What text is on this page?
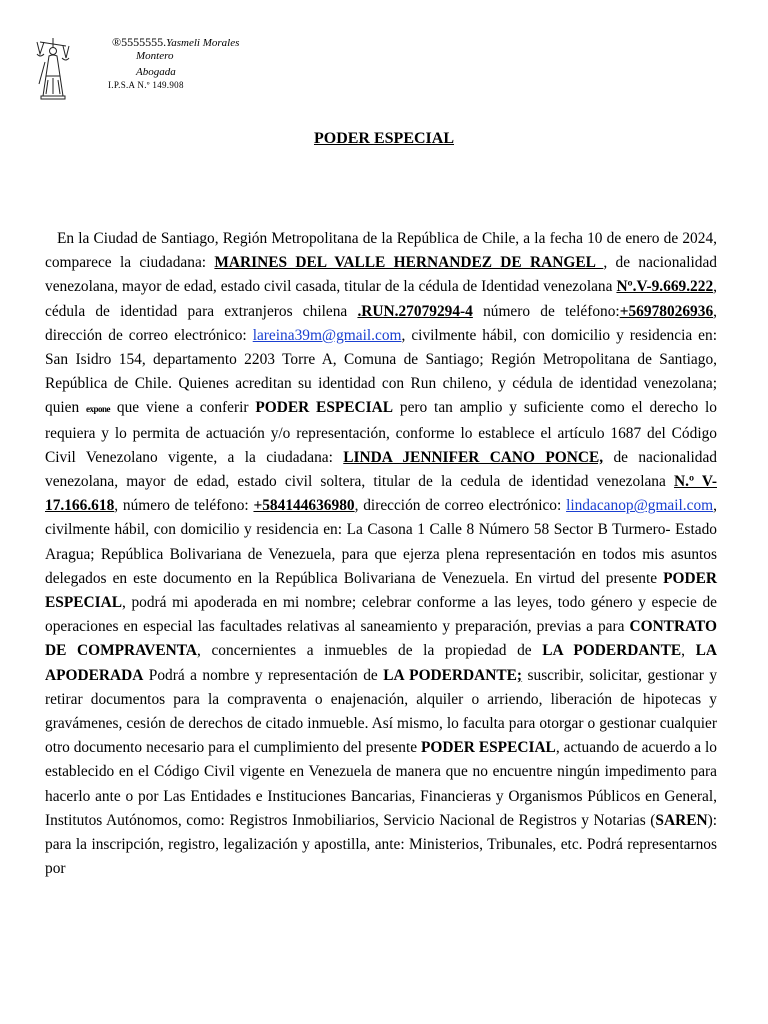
®5555555.Yasmeli Morales
Montero
Abogada
I.P.S.A N.º 149.908
PODER ESPECIAL

En la Ciudad de Santiago, Región Metropolitana de la República de Chile, a la fecha 10 de enero de 2024, comparece la ciudadana: MARINES DEL VALLE HERNANDEZ DE RANGEL , de nacionalidad venezolana, mayor de edad, estado civil casada, titular de la cédula de Identidad venezolana Nº.V-9.669.222, cédula de identidad para extranjeros chilena .RUN.27079294-4 número de teléfono:+56978026936, dirección de correo electrónico: lareina39m@gmail.com, civilmente hábil, con domicilio y residencia en: San Isidro 154, departamento 2203 Torre A, Comuna de Santiago; Región Metropolitana de Santiago, República de Chile. Quienes acreditan su identidad con Run chileno, y cédula de identidad venezolana; quien expone que viene a conferir PODER ESPECIAL pero tan amplio y suficiente como el derecho lo requiera y lo permita de actuación y/o representación, conforme lo establece el artículo 1687 del Código Civil Venezolano vigente, a la ciudadana: LINDA JENNIFER CANO PONCE, de nacionalidad venezolana, mayor de edad, estado civil soltera, titular de la cedula de identidad venezolana N.º V-17.166.618, número de teléfono: +584144636980, dirección de correo electrónico: lindacanop@gmail.com, civilmente hábil, con domicilio y residencia en: La Casona 1 Calle 8 Número 58 Sector B Turmero- Estado Aragua; República Bolivariana de Venezuela, para que ejerza plena representación en todos mis asuntos delegados en este documento en la República Bolivariana de Venezuela. En virtud del presente PODER ESPECIAL, podrá mi apoderada en mi nombre; celebrar conforme a las leyes, todo género y especie de operaciones en especial las facultades relativas al saneamiento y preparación, previas a para CONTRATO DE COMPRAVENTA, concernientes a inmuebles de la propiedad de LA PODERDANTE, LA APODERADA Podrá a nombre y representación de LA PODERDANTE; suscribir, solicitar, gestionar y retirar documentos para la compraventa o enajenación, alquiler o arriendo, liberación de hipotecas y gravámenes, cesión de derechos de citado inmueble. Así mismo, lo faculta para otorgar o gestionar cualquier otro documento necesario para el cumplimiento del presente PODER ESPECIAL, actuando de acuerdo a lo establecido en el Código Civil vigente en Venezuela de manera que no encuentre ningún impedimento para hacerlo ante o por Las Entidades e Instituciones Bancarias, Financieras y Organismos Públicos en General, Institutos Autónomos, como: Registros Inmobiliarios, Servicio Nacional de Registros y Notarias (SAREN): para la inscripción, registro, legalización y apostilla, ante: Ministerios, Tribunales, etc. Podrá representarnos por
